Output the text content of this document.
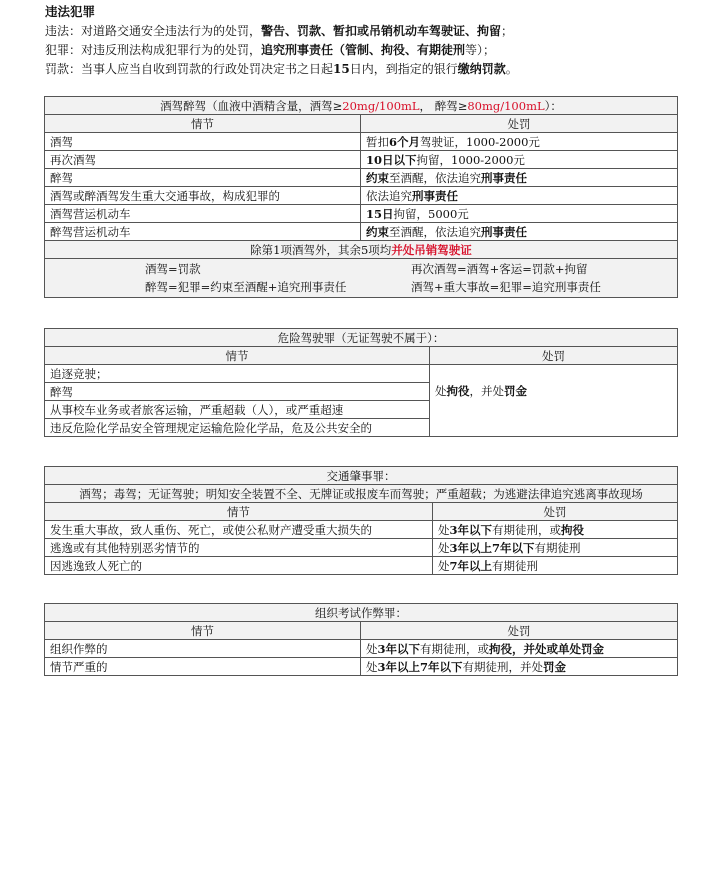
违法犯罪
违法：对道路交通安全违法行为的处罚，警告、罚款、暂扣或吊销机动车驾驶证、拘留；
犯罪：对违反刑法构成犯罪行为的处罚，追究刑事责任（管制、拘役、有期徒刑等）；
罚款：当事人应当自收到罚款的行政处罚决定书之日起15日内，到指定的银行缴纳罚款。
酒驾醉驾（血液中酒精含量，酒驾≥20mg/100mL， 醉驾≥80mg/100mL）：	
情节	处罚
酒驾	暂扣6个月驾驶证，1000-2000元
再次酒驾	10日以下拘留，1000-2000元
醉驾	约束至酒醒，依法追究刑事责任
酒驾或醉酒驾发生重大交通事故，构成犯罪的	依法追究刑事责任
酒驾营运机动车	15日拘留，5000元
醉驾营运机动车	约束至酒醒，依法追究刑事责任
除第1项酒驾外，其余5项均并处吊销驾驶证	

酒驾=罚款 再次酒驾=酒驾+客运=罚款+拘留
醉驾=犯罪=约束至酒醒+追究刑事责任 酒驾+重大事故=犯罪=追究刑事责任	
危险驾驶罪（无证驾驶不属于）：	
情节	处罚
追逐竞驶；	处拘役，并处罚金
醉驾	
从事校车业务或者旅客运输，严重超载（人），或严重超速	
违反危险化学品安全管理规定运输危险化学品，危及公共安全的	
交通肇事罪：	
酒驾；毒驾；无证驾驶；明知安全装置不全、无牌证或报废车而驾驶；严重超载；为逃避法律追究逃离事故现场	
情节	处罚
发生重大事故，致人重伤、死亡，或使公私财产遭受重大损失的	处3年以下有期徒刑，或拘役
逃逸或有其他特别恶劣情节的	处3年以上7年以下有期徒刑
因逃逸致人死亡的	处7年以上有期徒刑
组织考试作弊罪：	
情节	处罚
组织作弊的	处3年以下有期徒刑，或拘役，并处或单处罚金
情节严重的	处3年以上7年以下有期徒刑，并处罚金
